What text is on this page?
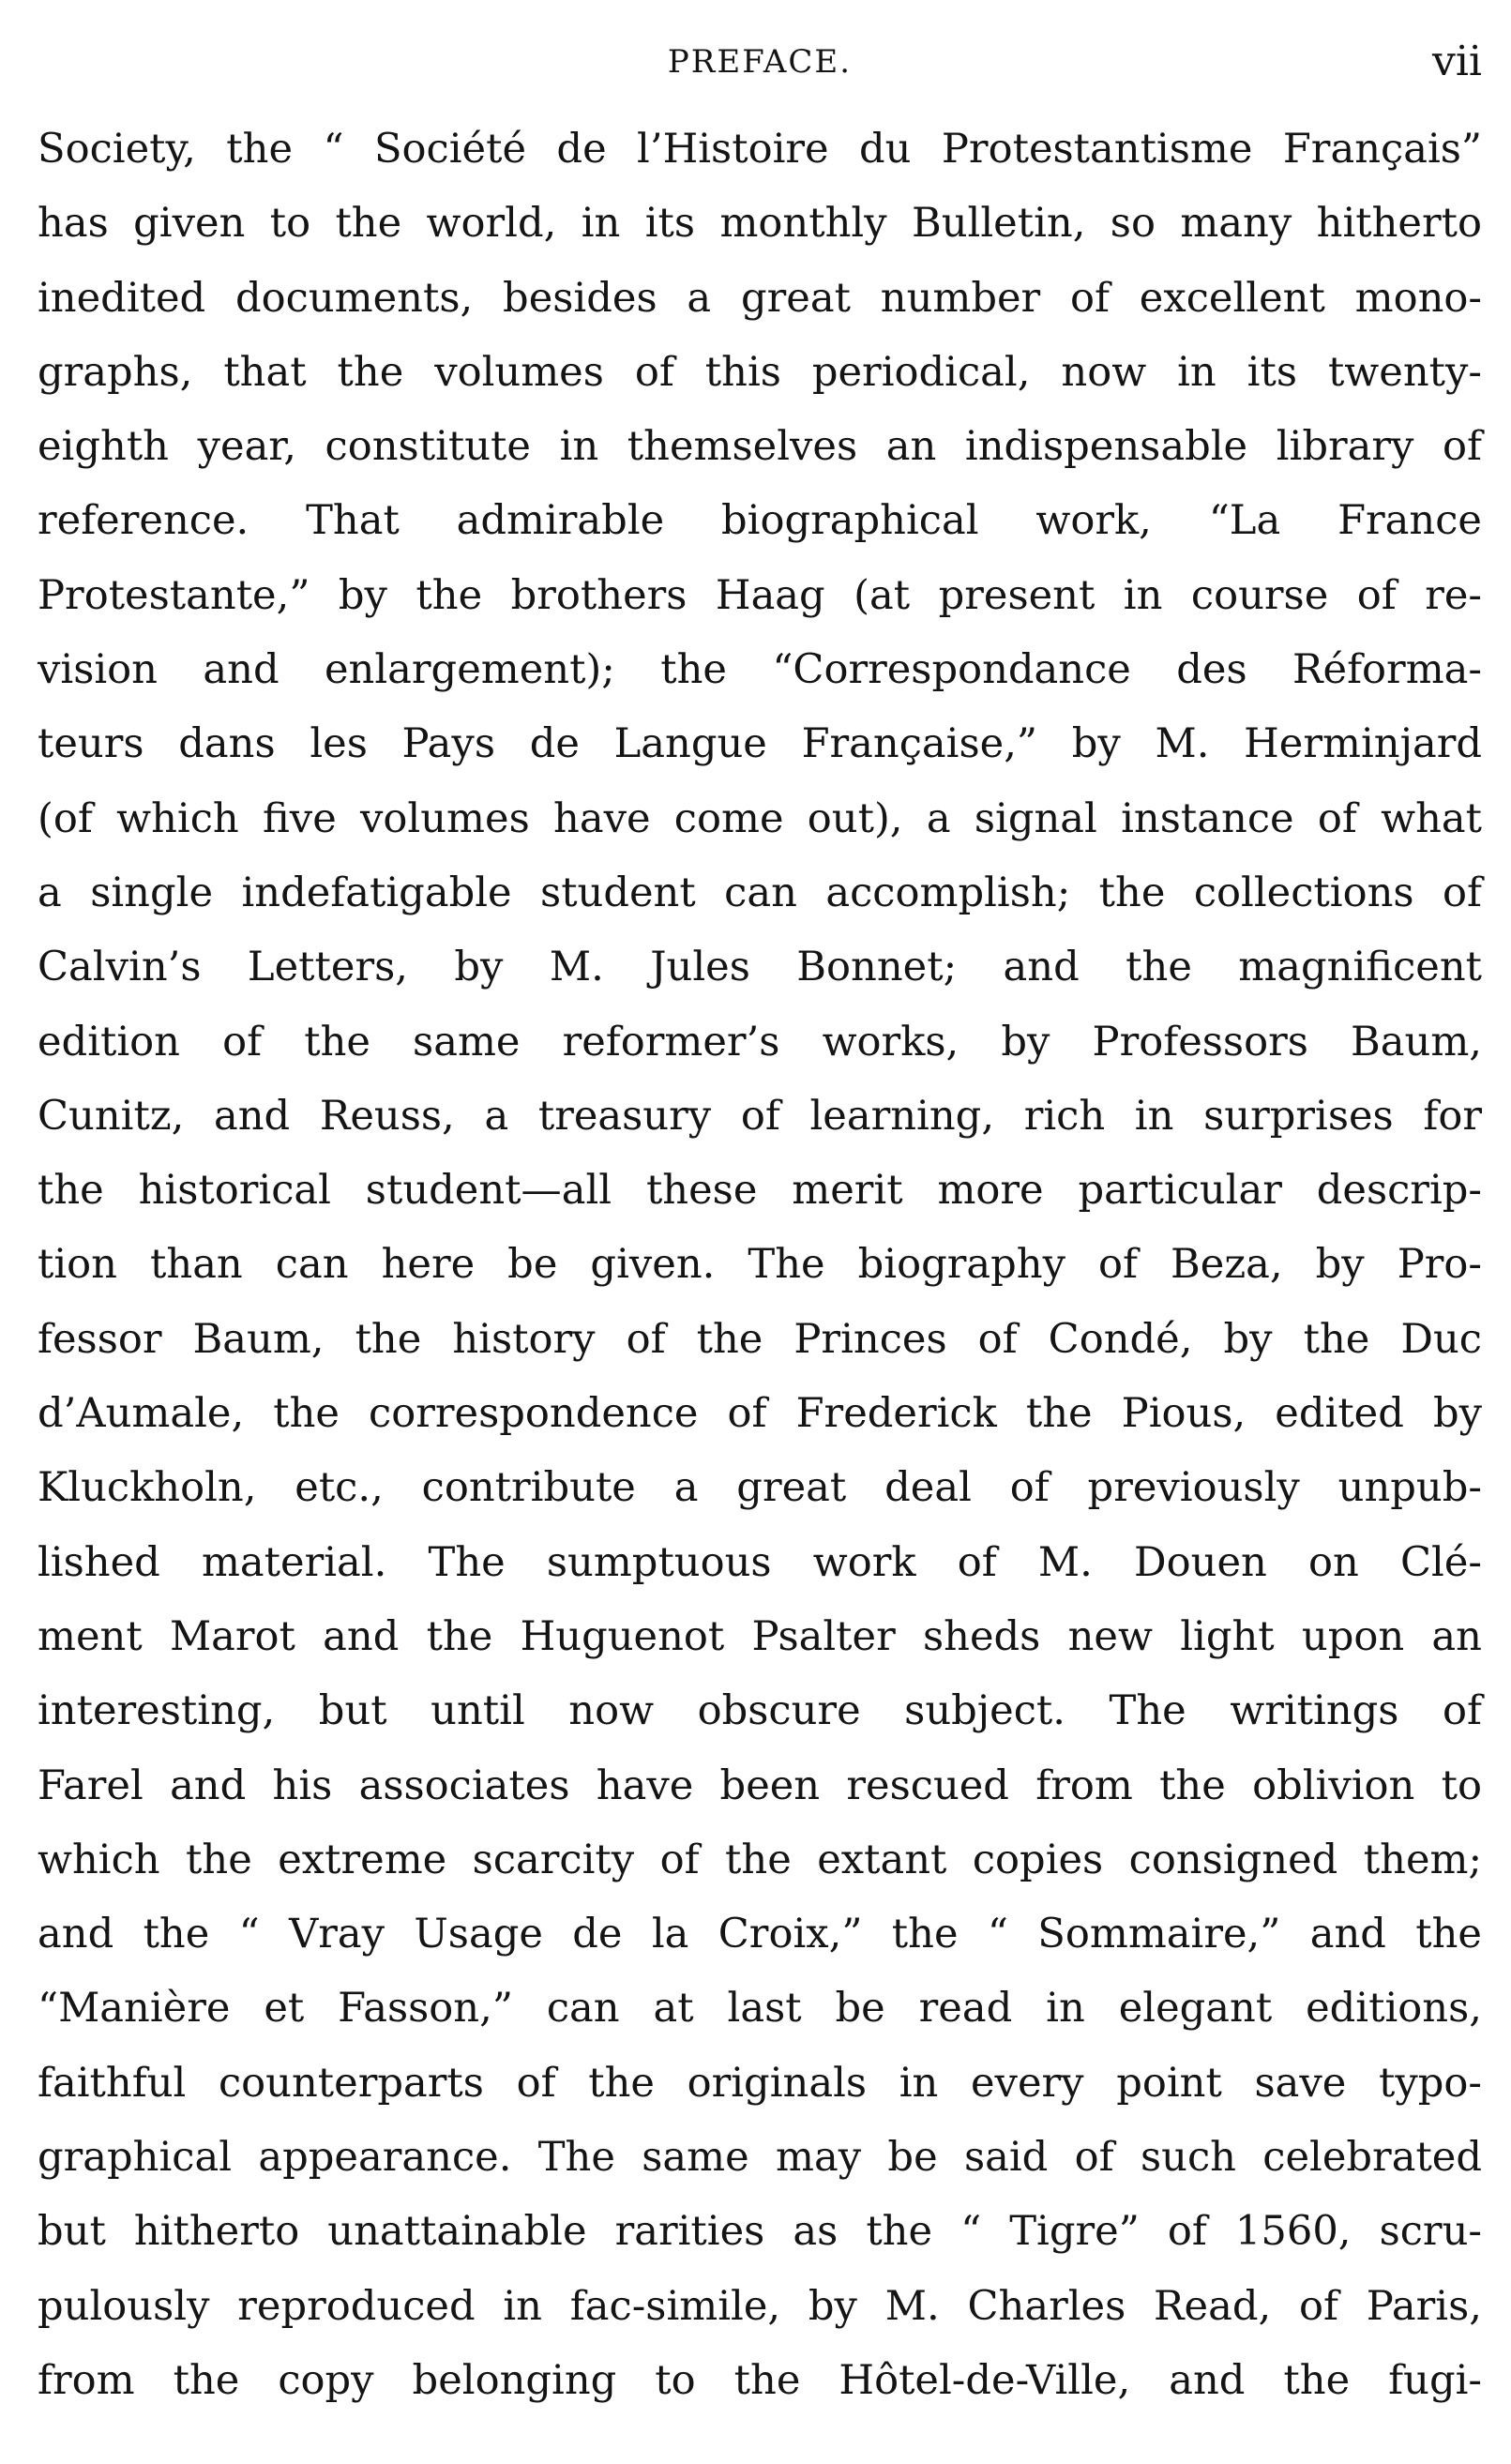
PREFACE.	vii
Society, the “ Société de l’Histoire du Protestantisme Français”
has given to the world, in its monthly Bulletin, so many hitherto
inedited documents, besides a great number of excellent mono-
graphs, that the volumes of this periodical, now in its twenty-
eighth year, constitute in themselves an indispensable library of
reference. That admirable biographical work, “La France
Protestante,” by the brothers Haag (at present in course of re-
vision and enlargement); the “Correspondance des Réforma-
teurs dans les Pays de Langue Française,” by M. Herminjard
(of which five volumes have come out), a signal instance of what
a single indefatigable student can accomplish; the collections of
Calvin’s Letters, by M. Jules Bonnet; and the magnificent
edition of the same reformer’s works, by Professors Baum,
Cunitz, and Reuss, a treasury of learning, rich in surprises for
the historical student—all these merit more particular descrip-
tion than can here be given. The biography of Beza, by Pro-
fessor Baum, the history of the Princes of Condé, by the Duc
d’Aumale, the correspondence of Frederick the Pious, edited by
Kluckholn, etc., contribute a great deal of previously unpub-
lished material. The sumptuous work of M. Douen on Clé-
ment Marot and the Huguenot Psalter sheds new light upon an
interesting, but until now obscure subject. The writings of
Farel and his associates have been rescued from the oblivion to
which the extreme scarcity of the extant copies consigned them;
and the “ Vray Usage de la Croix,” the “ Sommaire,” and the
“Manière et Fasson,” can at last be read in elegant editions,
faithful counterparts of the originals in every point save typo-
graphical appearance. The same may be said of such celebrated
but hitherto unattainable rarities as the “ Tigre” of 1560, scru-
pulously reproduced in fac-simile, by M. Charles Read, of Paris,
from the copy belonging to the Hôtel-de-Ville, and the fugi-
